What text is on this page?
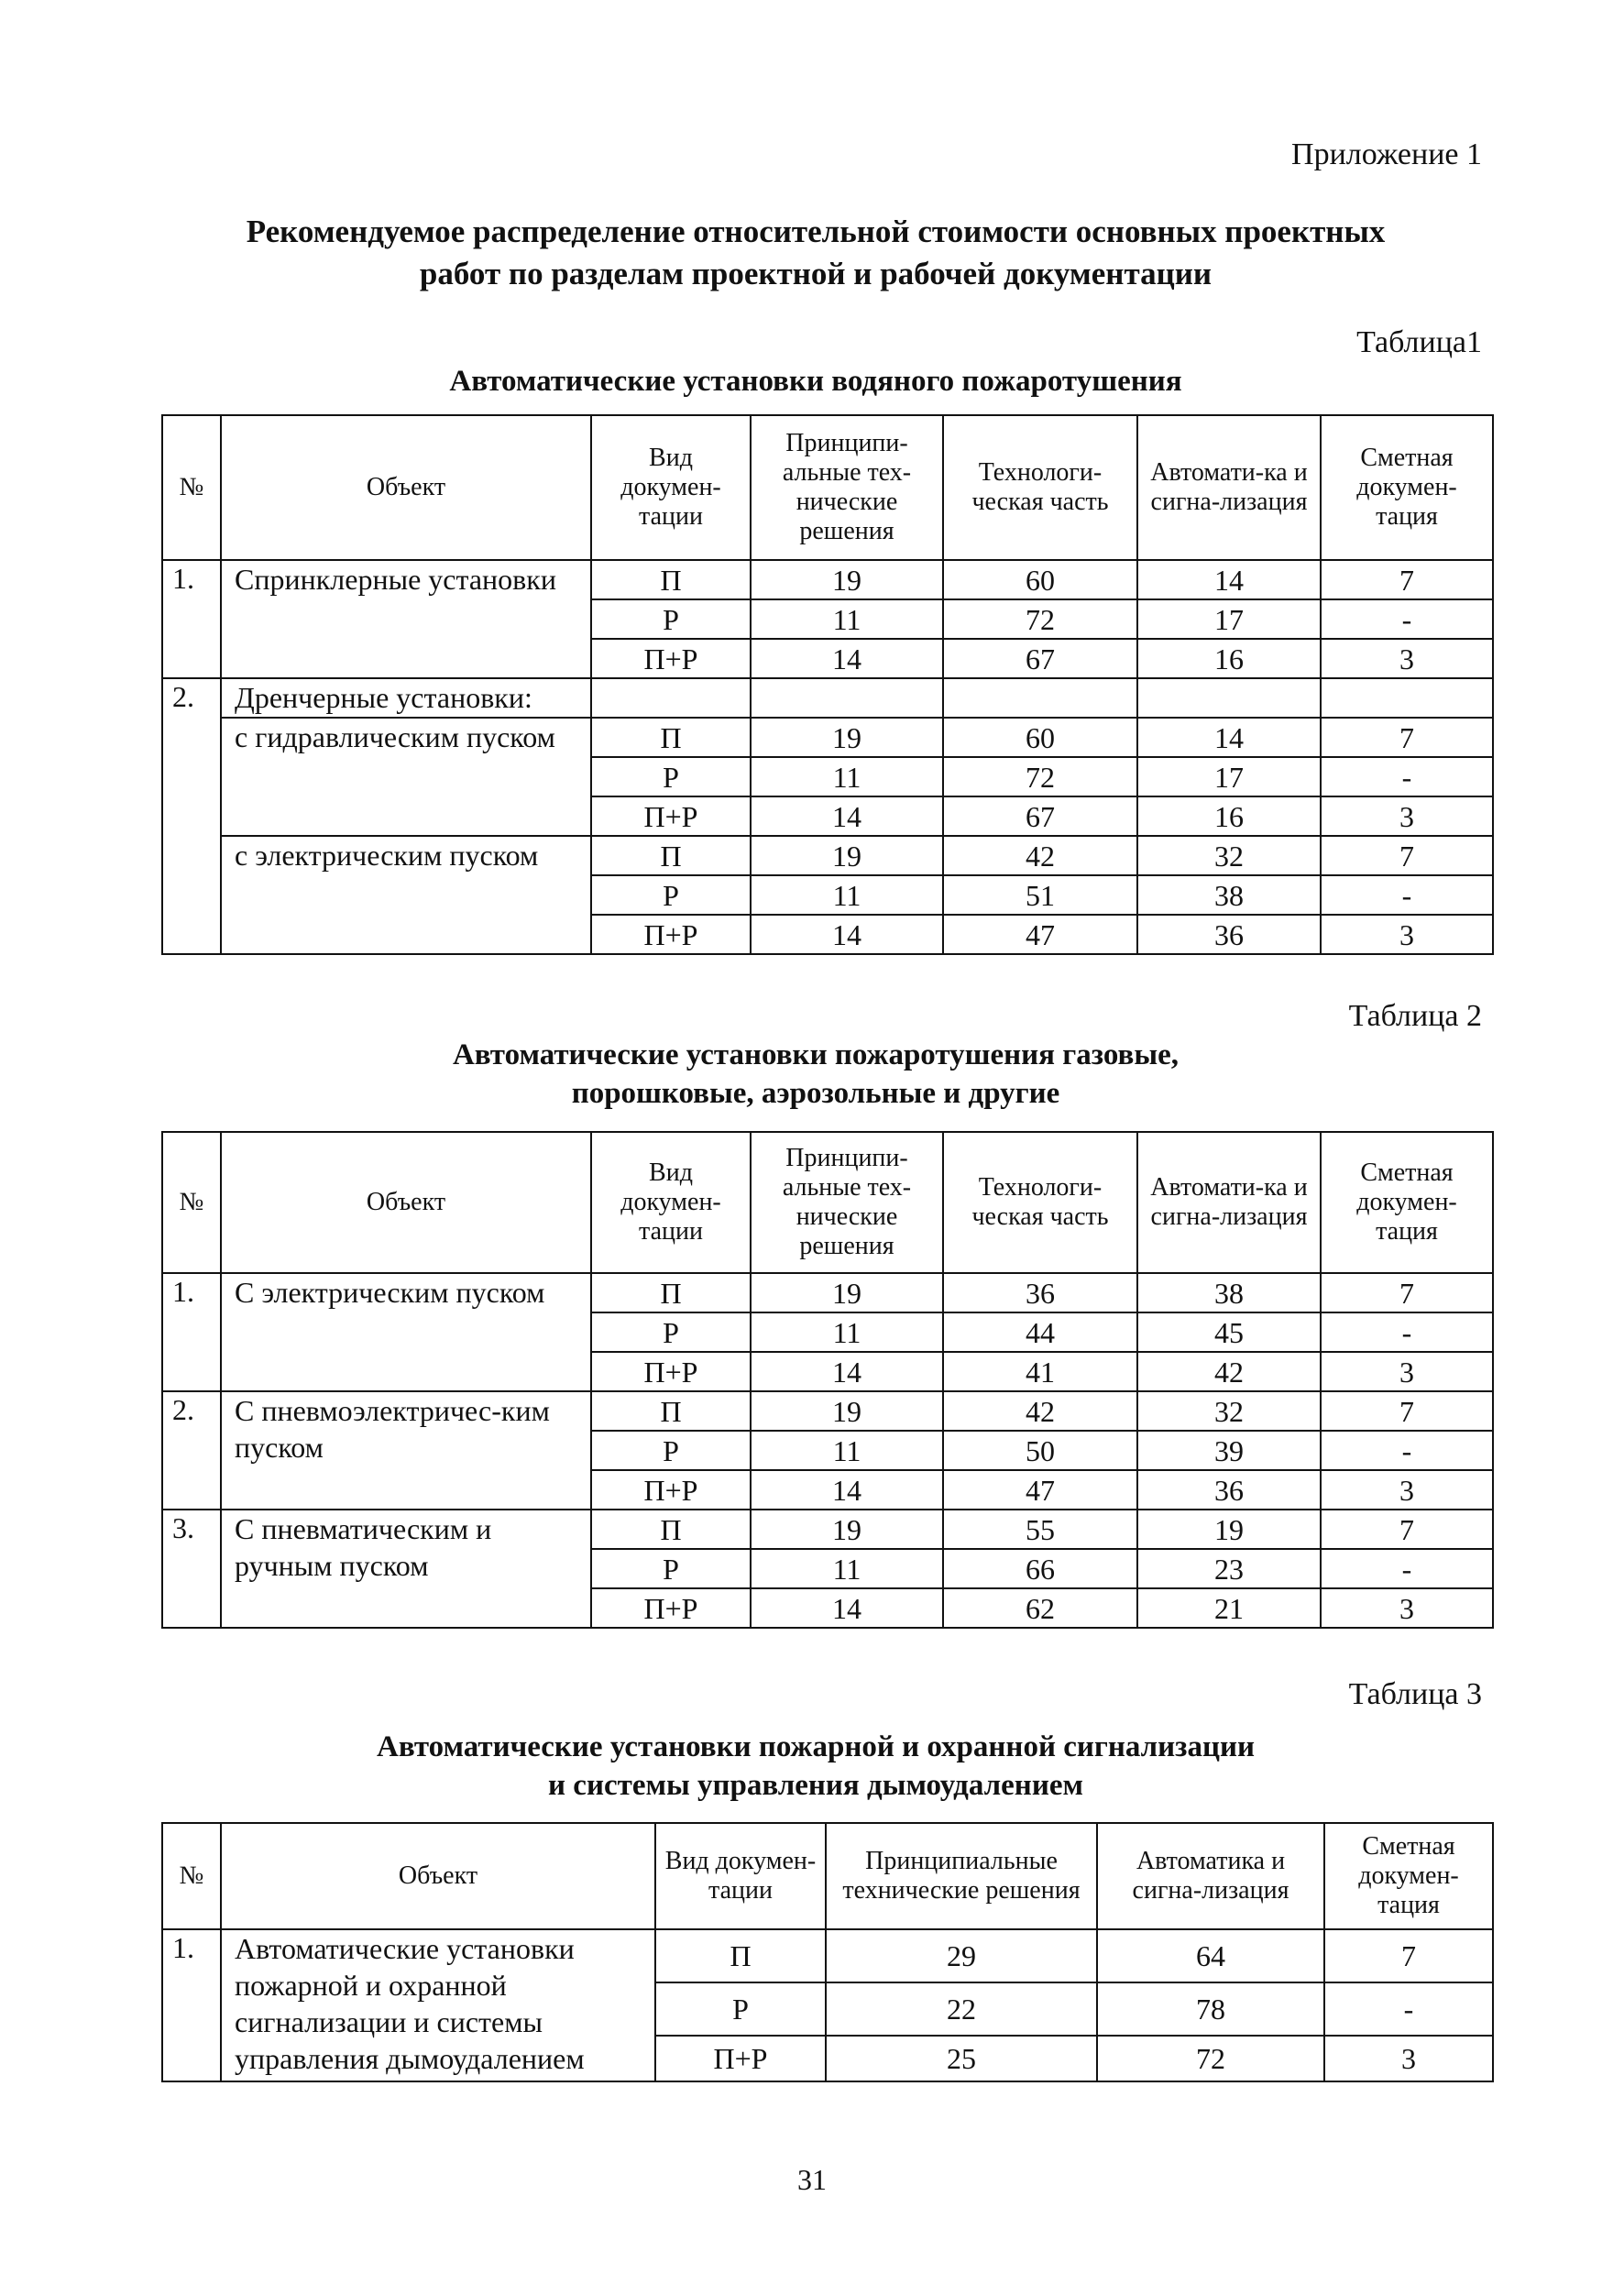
Приложение 1
Рекомендуемое распределение относительной стоимости основных проектных
работ по разделам проектной и рабочей документации
Таблица1
Автоматические установки водяного пожаротушения
№	Объект	Вид докумен-тации	Принципи-альные тех-нические решения	Технологи-ческая часть	Автомати-ка и сигна-лизация	Сметная докумен-тация
1.	Спринклерные установки	П	19	60	14	7
		Р	11	72	17	-
		П+Р	14	67	16	3
2.	Дренчерные установки:					
	с гидравлическим пуском	П	19	60	14	7
		Р	11	72	17	-
		П+Р	14	67	16	3
	с электрическим пуском	П	19	42	32	7
		Р	11	51	38	-
		П+Р	14	47	36	3
Таблица 2
Автоматические установки пожаротушения газовые,
порошковые, аэрозольные и другие
№	Объект	Вид докумен-тации	Принципи-альные тех-нические решения	Технологи-ческая часть	Автомати-ка и сигна-лизация	Сметная докумен-тация
1.	С электрическим пуском	П	19	36	38	7
		Р	11	44	45	-
		П+Р	14	41	42	3
2.	С пневмоэлектричес-ким пуском	П	19	42	32	7
		Р	11	50	39	-
		П+Р	14	47	36	3
3.	С пневматическим и ручным пуском	П	19	55	19	7
		Р	11	66	23	-
		П+Р	14	62	21	3
Таблица 3
Автоматические установки пожарной и охранной сигнализации
и системы управления дымоудалением
№	Объект	Вид докумен-тации	Принципиальные технические решения	Автоматика и сигна-лизация	Сметная докумен-тация
1.	Автоматические установки пожарной и охранной сигнализации и системы управления дымоудалением	П	29	64	7
		Р	22	78	-
		П+Р	25	72	3
31
